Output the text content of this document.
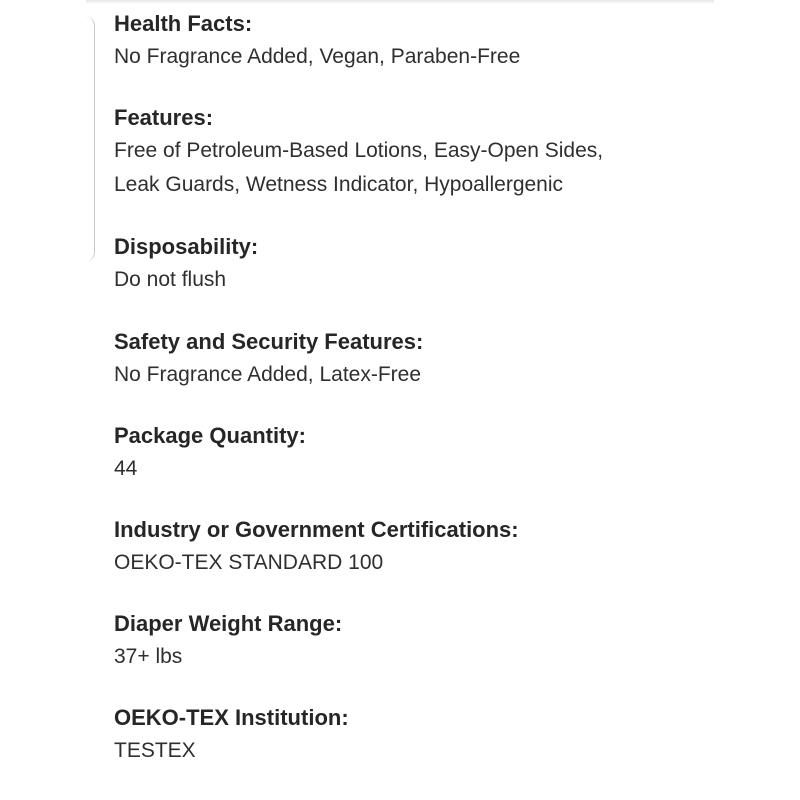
Health Facts:
No Fragrance Added, Vegan, Paraben-Free
Features:
Free of Petroleum-Based Lotions, Easy-Open Sides,
Leak Guards, Wetness Indicator, Hypoallergenic
Disposability:
Do not flush
Safety and Security Features:
No Fragrance Added, Latex-Free
Package Quantity:
44
Industry or Government Certifications:
OEKO-TEX STANDARD 100
Diaper Weight Range:
37+ lbs
OEKO-TEX Institution:
TESTEX
